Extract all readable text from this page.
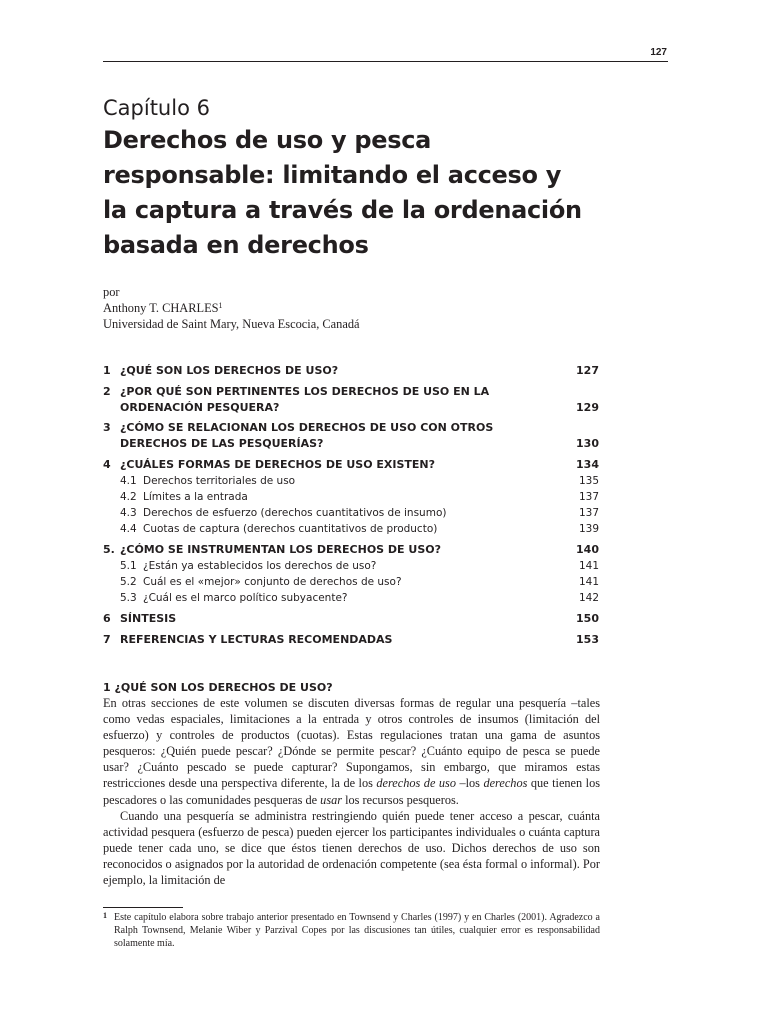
127
Capítulo 6
Derechos de uso y pesca
responsable: limitando el acceso y
la captura a través de la ordenación
basada en derechos
por
Anthony T. CHARLES$^1$
Universidad de Saint Mary, Nueva Escocia, Canadá
1 ¿QUÉ SON LOS DERECHOS DE USO?	127
2 ¿POR QUÉ SON PERTINENTES LOS DERECHOS DE USO EN LA ORDENACIÓN PESQUERA?	129
3 ¿CÓMO SE RELACIONAN LOS DERECHOS DE USO CON OTROS DERECHOS DE LAS PESQUERÍAS?	130
4 ¿CUÁLES FORMAS DE DERECHOS DE USO EXISTEN?	134
4.1 Derechos territoriales de uso	135
4.2 Límites a la entrada	137
4.3 Derechos de esfuerzo (derechos cuantitativos de insumo)	137
4.4 Cuotas de captura (derechos cuantitativos de producto)	139
5. ¿CÓMO SE INSTRUMENTAN LOS DERECHOS DE USO?	140
5.1 ¿Están ya establecidos los derechos de uso?	141
5.2 Cuál es el «mejor» conjunto de derechos de uso?	141
5.3 ¿Cuál es el marco político subyacente?	142
6 SÍNTESIS	150
7 REFERENCIAS Y LECTURAS RECOMENDADAS	153
1 ¿QUÉ SON LOS DERECHOS DE USO?

En otras secciones de este volumen se discuten diversas formas de regular una pesquería –tales como vedas espaciales, limitaciones a la entrada y otros controles de insumos (limitación del esfuerzo) y controles de productos (cuotas). Estas regulaciones tratan una gama de asuntos pesqueros: ¿Quién puede pescar? ¿Dónde se permite pescar? ¿Cuánto equipo de pesca se puede usar? ¿Cuánto pescado se puede capturar? Supongamos, sin embargo, que miramos estas restricciones desde una perspectiva diferente, la de los derechos de uso –los derechos que tienen los pescadores o las comunidades pesqueras de usar los recursos pesqueros.

Cuando una pesquería se administra restringiendo quién puede tener acceso a pescar, cuánta actividad pesquera (esfuerzo de pesca) pueden ejercer los participantes individuales o cuánta captura puede tener cada uno, se dice que éstos tienen derechos de uso. Dichos derechos de uso son reconocidos o asignados por la autoridad de ordenación competente (sea ésta formal o informal). Por ejemplo, la limitación de

1 Este capítulo elabora sobre trabajo anterior presentado en Townsend y Charles (1997) y en Charles (2001). Agradezco a Ralph Townsend, Melanie Wiber y Parzival Copes por las discusiones tan útiles, cualquier error es responsabilidad solamente mía.
